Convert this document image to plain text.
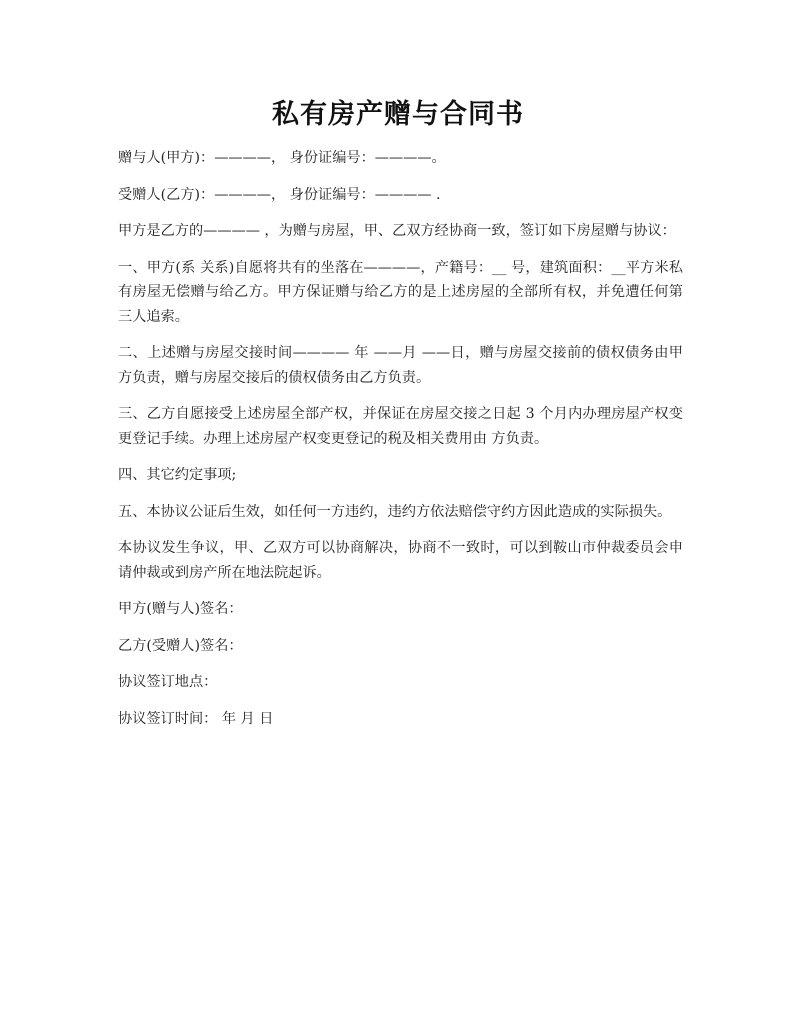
私有房产赠与合同书

赠与人(甲方)：————， 身份证编号：————。

受赠人(乙方)：————， 身份证编号：———— .

甲方是乙方的———— ，为赠与房屋，甲、乙双方经协商一致，签订如下房屋赠与协议：

一、甲方(系 关系)自愿将共有的坐落在————，产籍号：__ 号，建筑面积：__平方米私有房屋无偿赠与给乙方。甲方保证赠与给乙方的是上述房屋的全部所有权，并免遭任何第三人追索。

二、上述赠与房屋交接时间———— 年 ——月 ——日，赠与房屋交接前的债权债务由甲方负责，赠与房屋交接后的债权债务由乙方负责。

三、乙方自愿接受上述房屋全部产权，并保证在房屋交接之日起 3 个月内办理房屋产权变更登记手续。办理上述房屋产权变更登记的税及相关费用由 方负责。

四、其它约定事项;

五、本协议公证后生效，如任何一方违约，违约方依法赔偿守约方因此造成的实际损失。

本协议发生争议，甲、乙双方可以协商解决，协商不一致时，可以到鞍山市仲裁委员会申请仲裁或到房产所在地法院起诉。

甲方(赠与人)签名：

乙方(受赠人)签名：

协议签订地点：

协议签订时间： 年 月 日
